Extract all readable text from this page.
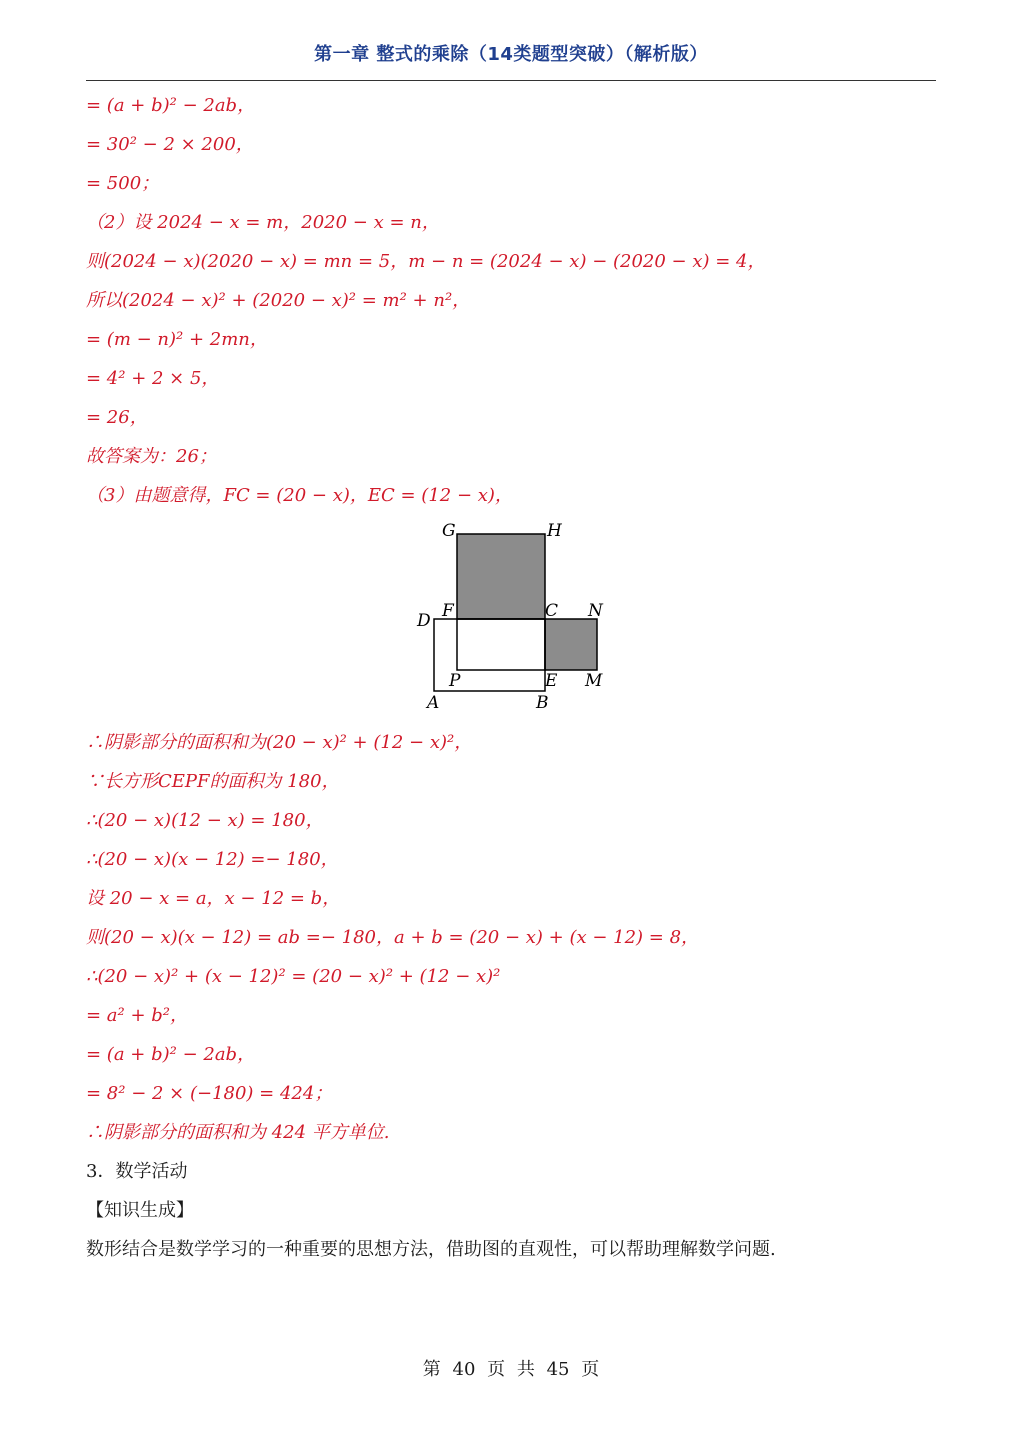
第一章 整式的乘除（14类题型突破）（解析版）
= (a + b)² − 2ab，
= 30² − 2 × 200，
= 500；
（2）设 2024 − x = m，2020 − x = n，
则(2024 − x)(2020 − x) = mn = 5，m − n = (2024 − x) − (2020 − x) = 4，
所以(2024 − x)² + (2020 − x)² = m² + n²，
= (m − n)² + 2mn，
= 4² + 2 × 5，
= 26，
故答案为：26；
（3）由题意得，FC = (20 − x)，EC = (12 − x)，
G	H
D F	C N
P	E M
A	B
∴阴影部分的面积和为(20 − x)² + (12 − x)²，
∵长方形CEPF的面积为 180，
∴(20 − x)(12 − x) = 180，
∴(20 − x)(x − 12) =− 180，
设 20 − x = a，x − 12 = b，
则(20 − x)(x − 12) = ab =− 180，a + b = (20 − x) + (x − 12) = 8，
∴(20 − x)² + (x − 12)² = (20 − x)² + (12 − x)²
= a² + b²，
= (a + b)² − 2ab，
= 8² − 2 × (−180) = 424；
∴阴影部分的面积和为 424 平方单位.
3．数学活动
【知识生成】
数形结合是数学学习的一种重要的思想方法，借助图的直观性，可以帮助理解数学问题.
第 40 页 共 45 页
